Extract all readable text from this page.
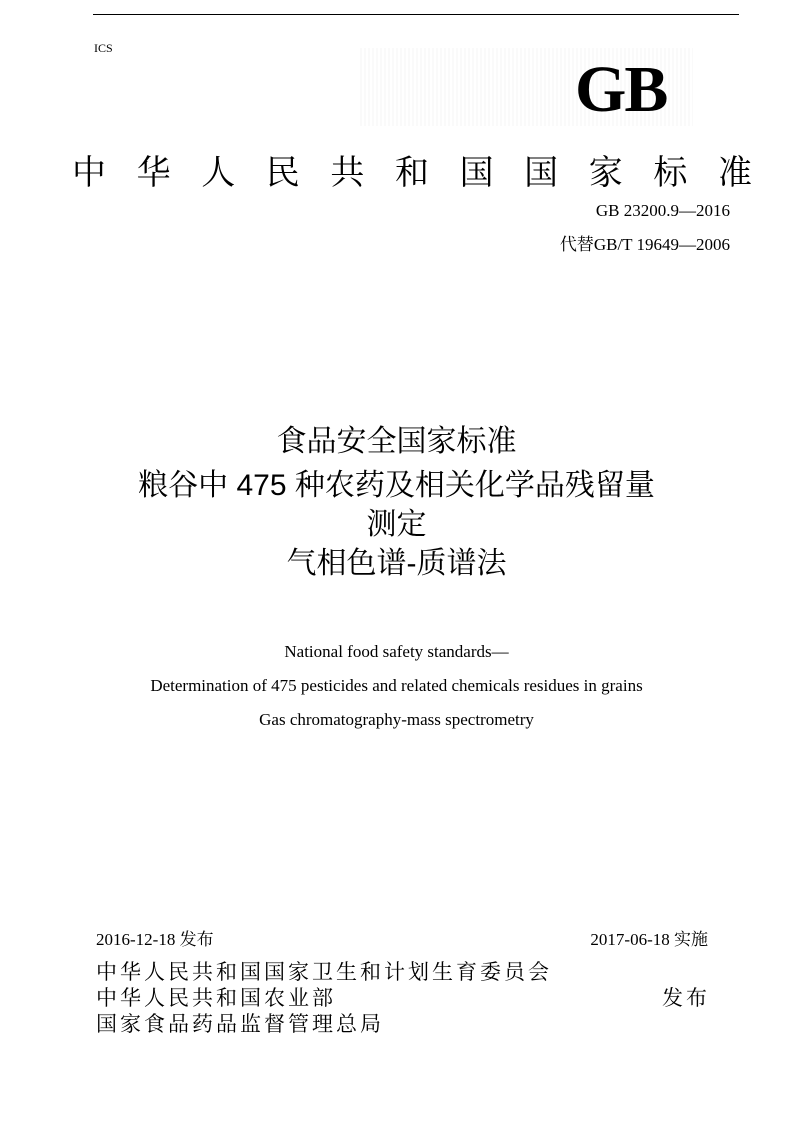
ICS
GB
中 华 人 民 共 和 国 国 家 标 准
GB 23200.9—2016
代替GB/T 19649—2006
食品安全国家标准
粮谷中 475 种农药及相关化学品残留量
测定
气相色谱-质谱法
National food safety standards—
Determination of 475 pesticides and related chemicals residues in grains
Gas chromatography-mass spectrometry
2016-12-18 发布	2017-06-18 实施
中华人民共和国国家卫生和计划生育委员会
中华人民共和国农业部
国家食品药品监督管理总局
发布
